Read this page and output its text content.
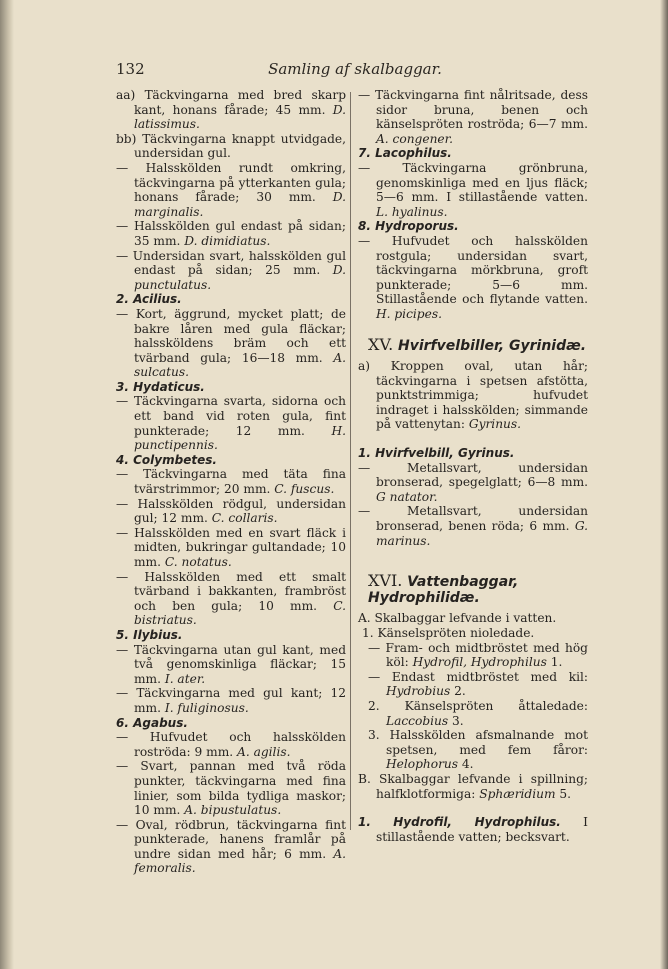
132	Samling af skalbaggar.
aa) Täckvingarna med bred skarp kant, honans fårade; 45 mm. D. latissimus.
bb) Täckvingarna knappt utvidgade, undersidan gul.
— Halsskölden rundt omkring, täckvingarna på ytterkanten gula; honans fårade; 30 mm. D. marginalis.
— Halsskölden gul endast på sidan; 35 mm. D. dimidiatus.
— Undersidan svart, halsskölden gul endast på sidan; 25 mm. D. punctulatus.
2. Acilius.
— Kort, äggrund, mycket platt; de bakre låren med gula fläckar; halssköldens bräm och ett tvärband gula; 16—18 mm. A. sulcatus.
3. Hydaticus.
— Täckvingarna svarta, sidorna och ett band vid roten gula, fint punkterade; 12 mm. H. punctipennis.
4. Colymbetes.
— Täckvingarna med täta fina tvärstrimmor; 20 mm. C. fuscus.
— Halsskölden rödgul, undersidan gul; 12 mm. C. collaris.
— Halsskölden med en svart fläck i midten, bukringar gultandade; 10 mm. C. notatus.
— Halsskölden med ett smalt tvärband i bakkanten, frambröst och ben gula; 10 mm. C. bistriatus.
5. Ilybius.
— Täckvingarna utan gul kant, med två genomskinliga fläckar; 15 mm. I. ater.
— Täckvingarna med gul kant; 12 mm. I. fuliginosus.
6. Agabus.
— Hufvudet och halsskölden roströda: 9 mm. A. agilis.
— Svart, pannan med två röda punkter, täckvingarna med fina linier, som bilda tydliga maskor; 10 mm. A. bipustulatus.
— Oval, rödbrun, täckvingarna fint punkterade, hanens framlår på undre sidan med hår; 6 mm. A. femoralis.
— Täckvingarna fint nålritsade, dess sidor bruna, benen och känselspröten roströda; 6—7 mm. A. congener.
7. Lacophilus.
—	Täckvingarna grönbruna, genomskinliga med en ljus fläck; 5—6 mm. I stillastående vatten. L. hyalinus.
8. Hydroporus.
— Hufvudet och halsskölden rostgula; undersidan svart, täckvingarna mörkbruna, groft punkterade; 5—6 mm. Stillastående och flytande vatten. H. picipes.
XV. Hvirfvelbiller, Gyrinidæ.
a) Kroppen oval, utan hår; täckvingarna i spetsen afstötta, punktstrimmiga; hufvudet indraget i halsskölden; simmande på vattenytan: Gyrinus.
1. Hvirfvelbill, Gyrinus.
—	Metallsvart, undersidan bronserad, spegelglatt; 6—8 mm. G natator.
—	Metallsvart, undersidan bronserad, benen röda; 6 mm. G. marinus.
XVI. Vattenbaggar, Hydrophilidæ.
A. Skalbaggar lefvande i vatten.
1. Känselspröten nioledade.
— Fram- och midtbröstet med hög köl: Hydrofil, Hydrophilus 1.
— Endast midtbröstet med kil: Hydrobius 2.
2. Känselspröten åttaledade: Laccobius 3.
3. Halsskölden afsmalnande mot spetsen, med fem fåror: Helophorus 4.
B. Skalbaggar lefvande i spillning; halfklotformiga: Sphæridium 5.
1. Hydrofil, Hydrophilus. I stillastående vatten; becksvart.
